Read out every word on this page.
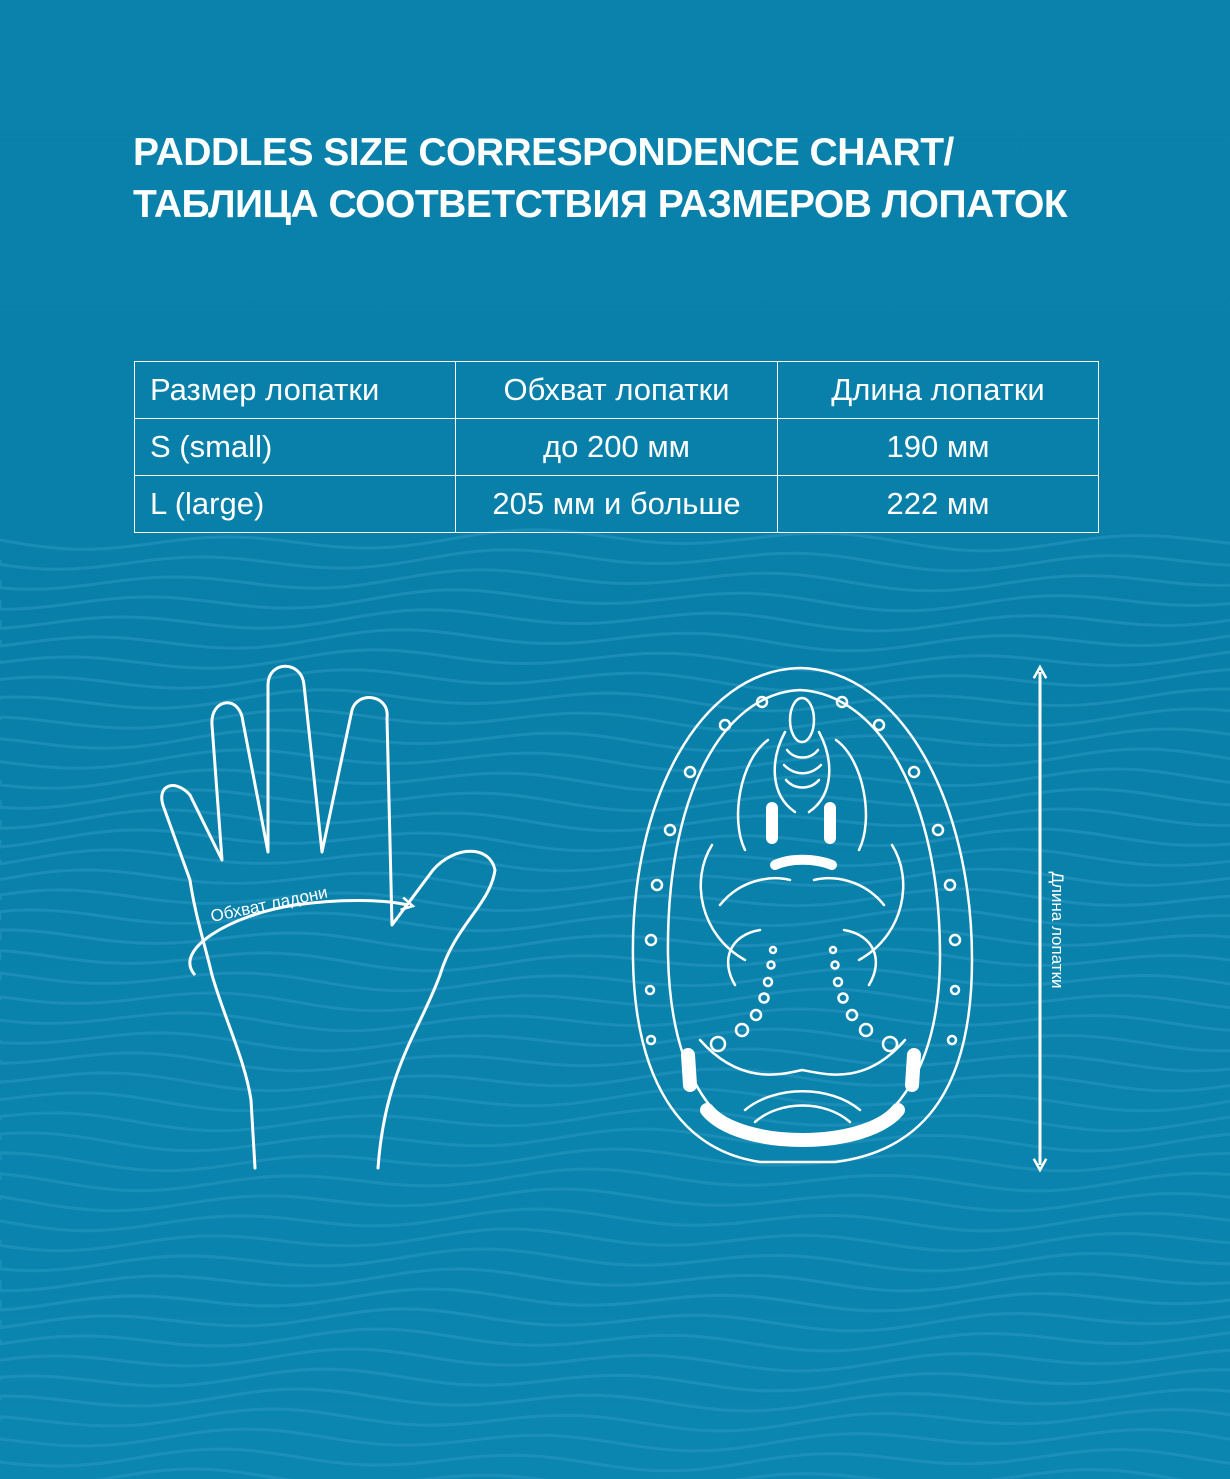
PADDLES SIZE CORRESPONDENCE CHART/
ТАБЛИЦА СООТВЕТСТВИЯ РАЗМЕРОВ ЛОПАТОК
Размер лопатки	Обхват лопатки	Длина лопатки
S (small)	до 200 мм	190 мм
L (large)	205 мм и больше	222 мм
Обхват ладони	Длина лопатки
